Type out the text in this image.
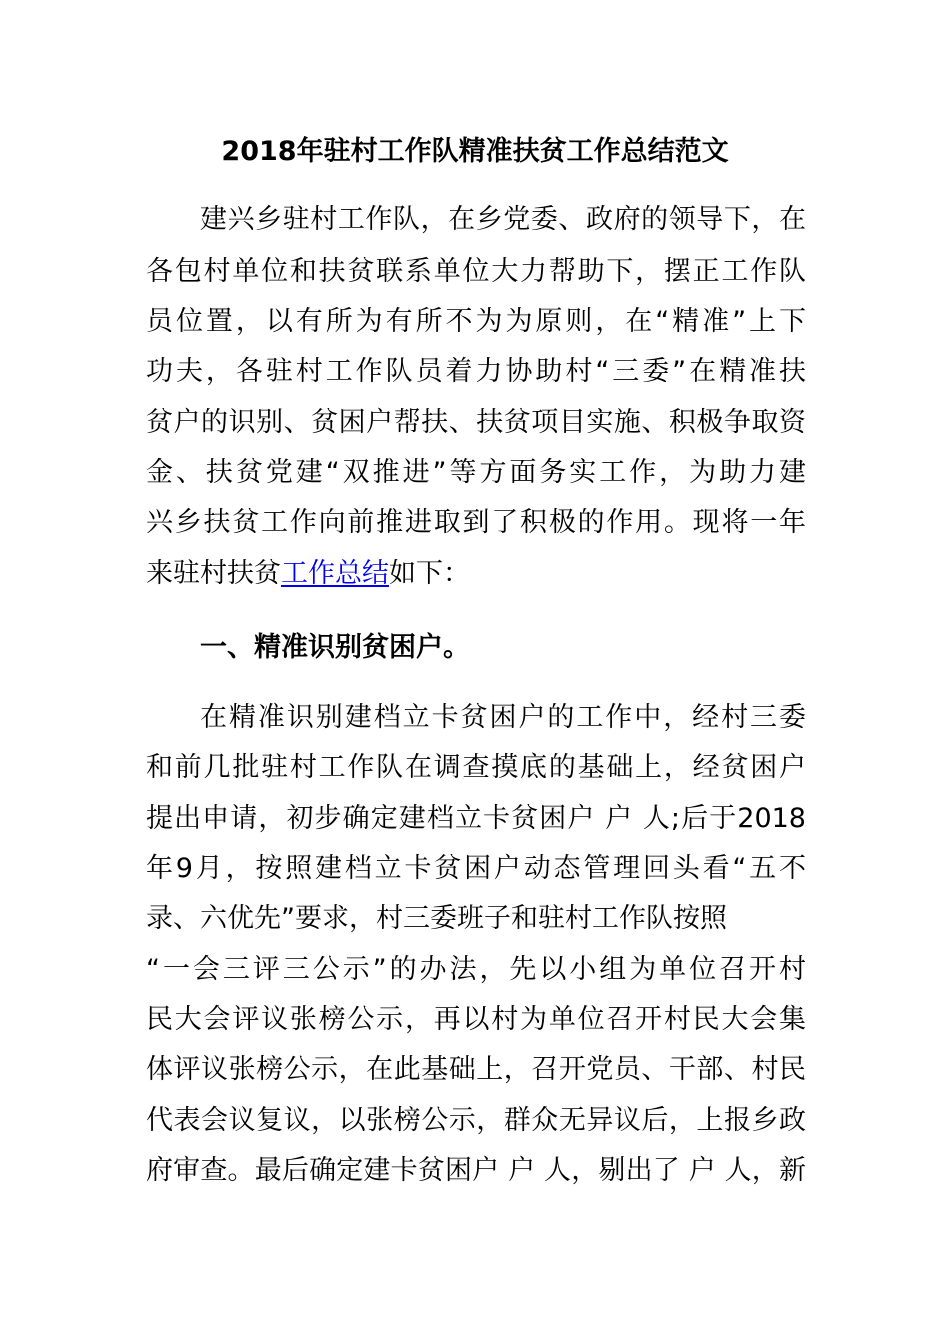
2018年驻村工作队精准扶贫工作总结范文

建兴乡驻村工作队，在乡党委、政府的领导下，在

各包村单位和扶贫联系单位大力帮助下，摆正工作队

员位置，以有所为有所不为为原则，在“精准”上下

功夫，各驻村工作队员着力协助村“三委”在精准扶

贫户的识别、贫困户帮扶、扶贫项目实施、积极争取资

金、扶贫党建“双推进”等方面务实工作，为助力建

兴乡扶贫工作向前推进取到了积极的作用。现将一年

来驻村扶贫工作总结如下：

一、精准识别贫困户。

在精准识别建档立卡贫困户的工作中，经村三委

和前几批驻村工作队在调查摸底的基础上，经贫困户

提出申请，初步确定建档立卡贫困户 户 人;后于2018

年9月，按照建档立卡贫困户动态管理回头看“五不

录、六优先”要求，村三委班子和驻村工作队按照

“一会三评三公示”的办法，先以小组为单位召开村

民大会评议张榜公示，再以村为单位召开村民大会集

体评议张榜公示，在此基础上，召开党员、干部、村民

代表会议复议，以张榜公示，群众无异议后，上报乡政

府审查。最后确定建卡贫困户 户 人，剔出了 户 人，新
